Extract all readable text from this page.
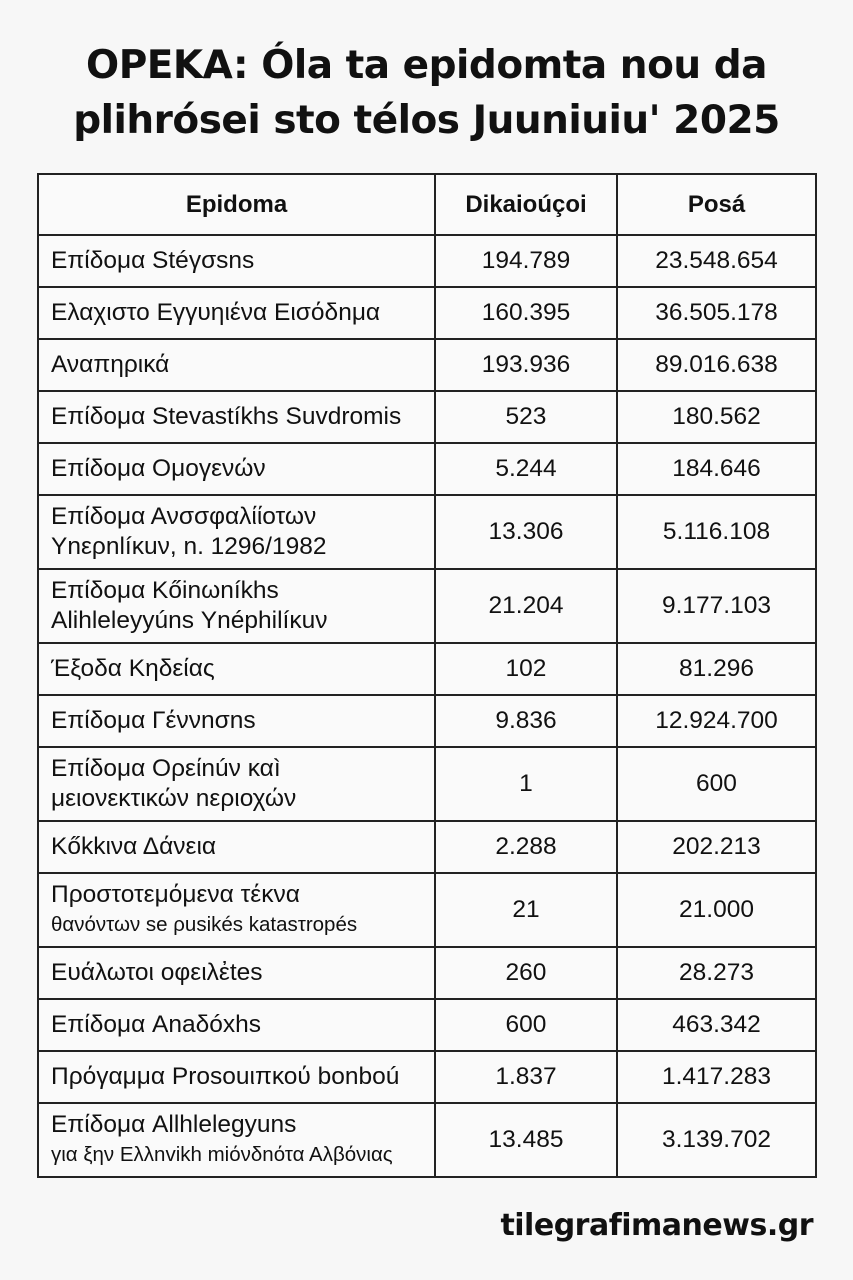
OPEKA: Óla ta epidomta nou da
plihrósei sto télos Juuniuiu' 2025
Epidoma	Dikaioúçoi	Posá

Επίδομα Stéγσsns	194.789	23.548.654

Ελαχιστο Εγγυηιένα Εισόδnμα	160.395	36.505.178

Αναπηρικά	193.936	89.016.638

Επίδομα Stevastíkhs Suvdromis	523	180.562

Επίδομα Ομογενών	5.244	184.646

Επίδομα Ανσσφαλίίοτων
Υnερnlíκuν, n. 1296/1982	13.306	5.116.108

Επίδομα Kőinωníkhs
Alihleleyyúns Υnéphilíκuν	21.204	9.177.103

Έξοδα Κηδείας	102	81.296

Επίδομα Γέννnσns	9.836	12.924.700

Επίδομα Ορείnúν καì
μειονεκτικών nεριοχών	1	600

Kőkkινα Δάνεια	2.288	202.213

Προστοτεμόμενα τέκνα
θανόντων se ρusikés katasτropés	21	21.000

Ευάλωτοι οφειλἐtes	260	28.273

Επίδομα Anaδóxhs	600	463.342

Πρόγαμμα Prosouιπκού bonboú	1.837	1.417.283

Επίδομα Allhlelegyuns
για ξην Ελλnvikh miόνδnότα Αλβόνιας	13.485	3.139.702
tilegrafimanews.gr
